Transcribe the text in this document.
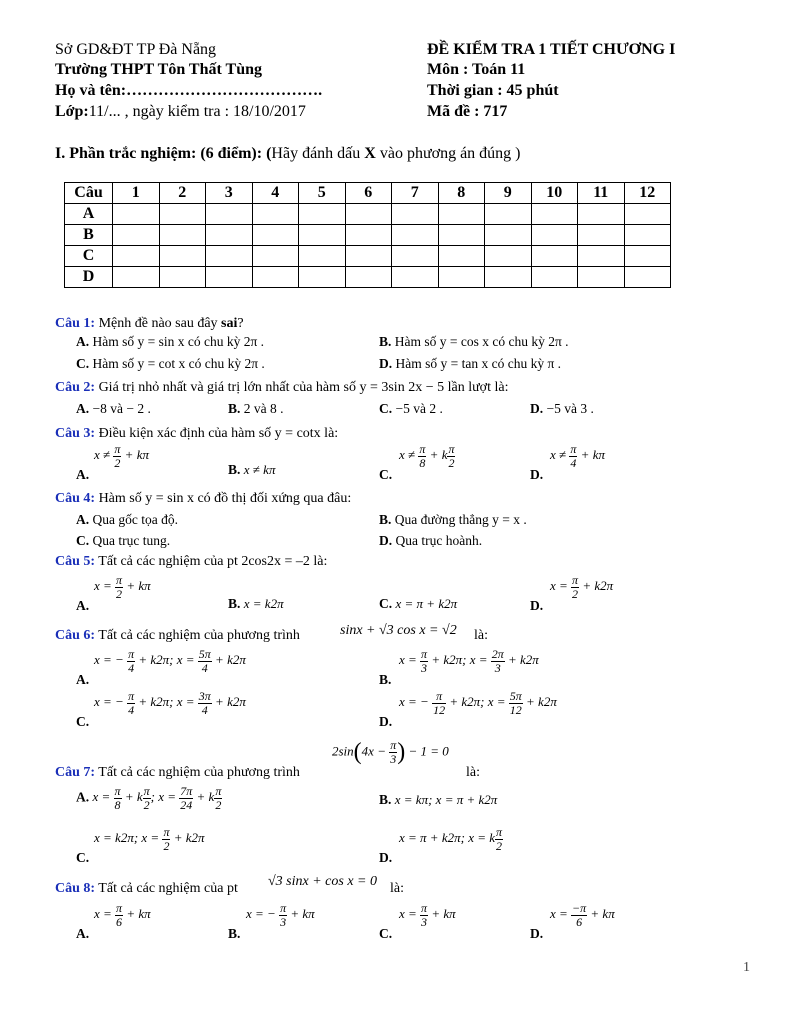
Sở GD&ĐT TP Đà Nẵng
Trường THPT Tôn Thất Tùng
Họ và tên:……………………………….
Lớp:11/... , ngày kiểm tra : 18/10/2017
ĐỀ KIỂM TRA 1 TIẾT CHƯƠNG I
Môn : Toán 11
Thời gian : 45 phút
Mã đề : 717
I. Phần trắc nghiệm: (6 điểm): (Hãy đánh dấu X vào phương án đúng )
Câu	1	2	3	4	5	6	7	8	9	10	11	12
A												
B												
C												
D												
Câu 1: Mệnh đề nào sau đây sai?
A. Hàm số y = sin x có chu kỳ 2π .	B. Hàm số y = cos x có chu kỳ 2π .
C. Hàm số y = cot x có chu kỳ 2π .	D. Hàm số y = tan x có chu kỳ π .
Câu 2: Giá trị nhỏ nhất và giá trị lớn nhất của hàm số y = 3sin 2x − 5 lần lượt là:
A. −8 và − 2 .	B. 2 và 8 .	C. −5 và 2 .	D. −5 và 3 .
Câu 3: Điều kiện xác định của hàm số y = cotx là:
$x \ne \frac{\pi}{2} + k\pi$
A.	B. x ≠ kπ
$x \ne \frac{\pi}{8} + k \frac{\pi}{2}$
C.
$x \ne \frac{\pi}{4} + k\pi$
D.
Câu 4: Hàm số y = sin x có đồ thị đối xứng qua đâu:
A. Qua gốc tọa độ.	B. Qua đường thẳng y = x .
C. Qua trục tung.	D. Qua trục hoành.
Câu 5: Tất cả các nghiệm của pt 2cos2x = –2 là:
$x = \frac{\pi}{2} + k\pi$
A.	B. x = k2π	C. x = π + k2π
$x = \frac{\pi}{2} + k2\pi$
D.
Câu 6: Tất cả các nghiệm của phương trình	sinx + √3 cos x = √2 là:
x = − $\frac{\pi}{4} + k2\pi$; $x = \frac{5\pi}{4} + k2\pi$
A.
$x = \frac{\pi}{3} + k2\pi$; $x = \frac{2\pi}{3} + k2\pi$
B.
x = − $\frac{\pi}{4} + k2\pi$; $x = \frac{3\pi}{4} + k2\pi$
C.
x = − $\frac{\pi}{12} + k2\pi$; $x = \frac{5\pi}{12} + k2\pi$
D.
$2\sin(4x - \frac{\pi}{3}$ ) − 1 = 0
Câu 7: Tất cả các nghiệm của phương trình	là:
A. $x = \frac{\pi}{8} + k \frac{\pi}{2}$ ; $x = \frac{7\pi}{24} + k \frac{\pi}{2}$	B. x = kπ; x = π + k2π
x = k2π; $x = \frac{\pi}{2} + k2\pi$
C.
x = π + k2π; x = k $\frac{\pi}{2}$
D.
Câu 8: Tất cả các nghiệm của pt √3 sinx + cos x = 0 là:
$x = \frac{\pi}{6} + k\pi$
A.
x = − $\frac{\pi}{3} + k\pi$
B.
$x = \frac{\pi}{3} + k\pi$
C.
$x = \frac{-\pi}{6} + k\pi$
D.
1
